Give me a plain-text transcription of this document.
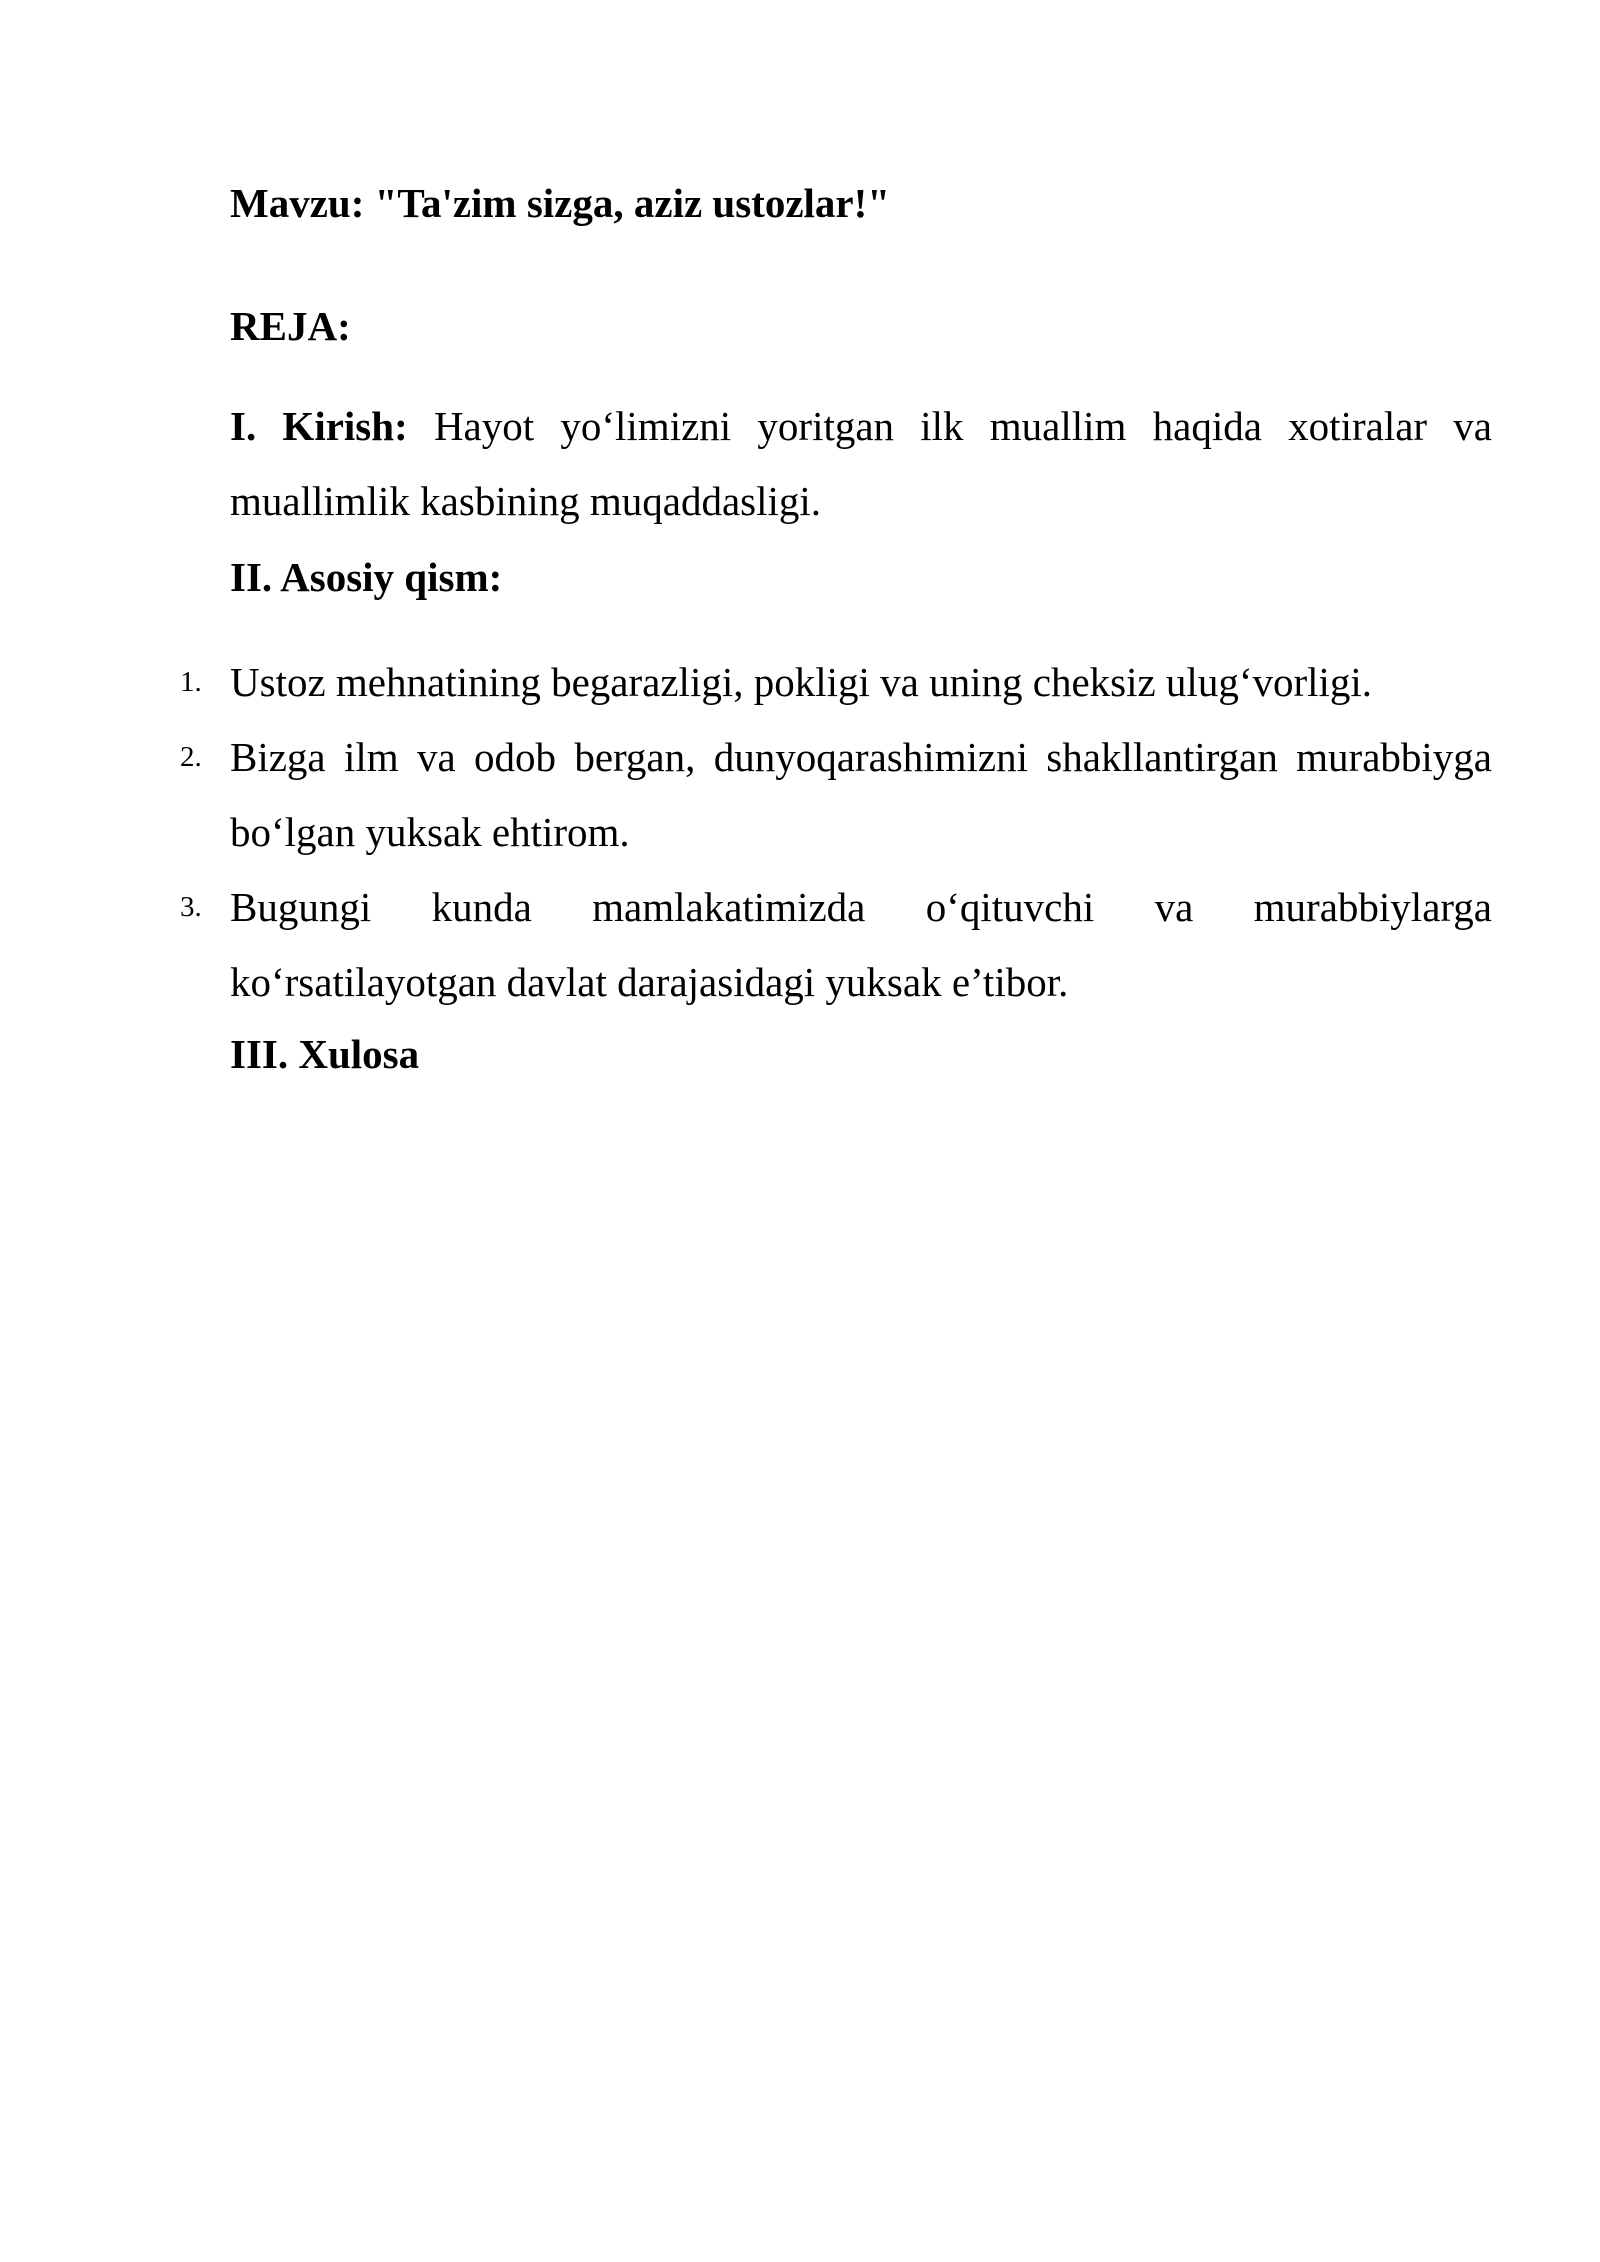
Mavzu: "Ta'zim sizga, aziz ustozlar!"
REJA:
I. Kirish: Hayot yo‘limizni yoritgan ilk muallim haqida xotiralar va muallimlik kasbining muqaddasligi.
II. Asosiy qism:
1. Ustoz mehnatining begarazligi, pokligi va uning cheksiz ulug‘vorligi.
2. Bizga ilm va odob bergan, dunyoqarashimizni shakllantirgan murabbiyga bo‘lgan yuksak ehtirom.
3. Bugungi kunda mamlakatimizda o‘qituvchi va murabbiylarga ko‘rsatilayotgan davlat darajasidagi yuksak e’tibor.
III. Xulosa
